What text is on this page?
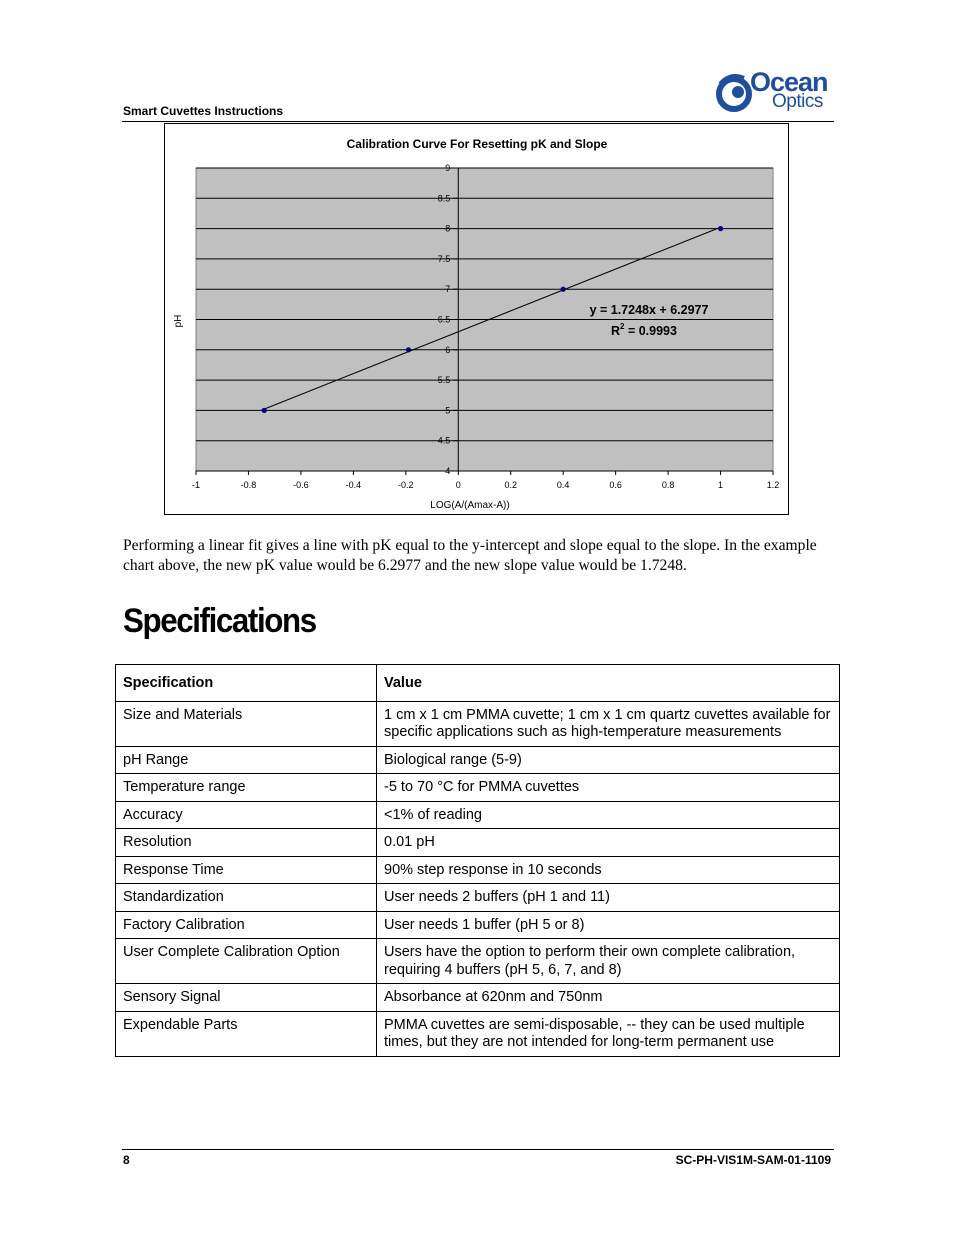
Smart Cuvettes Instructions
Ocean
Optics
Calibration Curve For Resetting pK and Slope
pH
LOG(A/(Amax-A))
y = 1.7248x + 6.2977
$R^2 = 0.9993$
4
4.5
5
5.5
6
6.5
7
7.5
8
8.5
9
-1	-0.8	-0.6	-0.4	-0.2	0	0.2	0.4	0.6	0.8	1	1.2
Performing a linear fit gives a line with pK equal to the y-intercept and slope equal to the slope. In the example chart above, the new pK value would be 6.2977 and the new slope value would be 1.7248.
Specifications
Specification	Value
Size and Materials	1 cm x 1 cm PMMA cuvette; 1 cm x 1 cm quartz cuvettes available for specific applications such as high-temperature measurements
pH Range	Biological range (5-9)
Temperature range	-5 to 70 °C for PMMA cuvettes
Accuracy	<1% of reading
Resolution	0.01 pH
Response Time	90% step response in 10 seconds
Standardization	User needs 2 buffers (pH 1 and 11)
Factory Calibration	User needs 1 buffer (pH 5 or 8)
User Complete Calibration Option	Users have the option to perform their own complete calibration, requiring 4 buffers (pH 5, 6, 7, and 8)
Sensory Signal	Absorbance at 620nm and 750nm
Expendable Parts	PMMA cuvettes are semi-disposable, -- they can be used multiple times, but they are not intended for long-term permanent use
8	SC-PH-VIS1M-SAM-01-1109
